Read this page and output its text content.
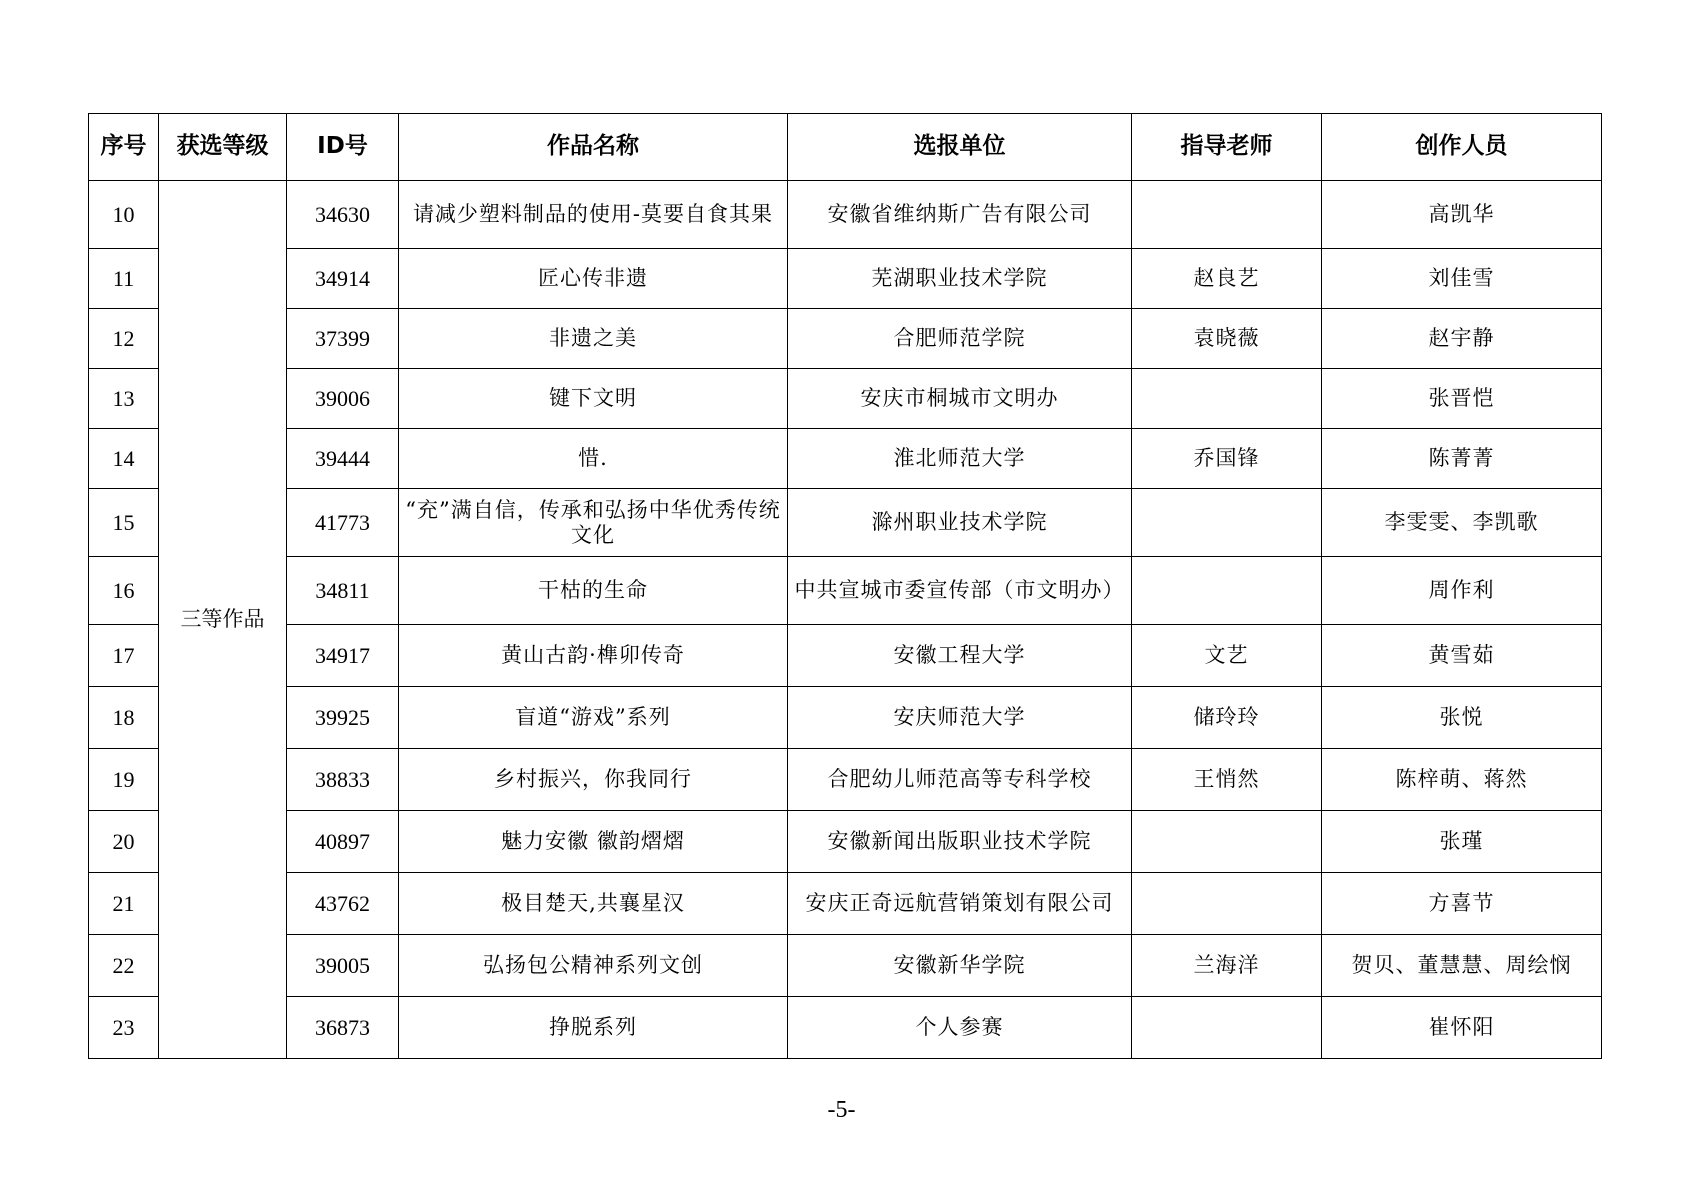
序号	获选等级	ID号	作品名称	选报单位	指导老师	创作人员
10	三等作品	34630	请减少塑料制品的使用-莫要自食其果	安徽省维纳斯广告有限公司		高凯华
11		34914	匠心传非遗	芜湖职业技术学院	赵良艺	刘佳雪
12		37399	非遗之美	合肥师范学院	袁晓薇	赵宇静
13		39006	键下文明	安庆市桐城市文明办		张晋恺
14		39444	惜.	淮北师范大学	乔国锋	陈菁菁
15		41773	“充”满自信，传承和弘扬中华优秀传统文化	滁州职业技术学院		李雯雯、李凯歌
16		34811	干枯的生命	中共宣城市委宣传部（市文明办）		周作利
17		34917	黄山古韵·榫卯传奇	安徽工程大学	文艺	黄雪茹
18		39925	盲道“游戏”系列	安庆师范大学	储玲玲	张悦
19		38833	乡村振兴，你我同行	合肥幼儿师范高等专科学校	王悄然	陈梓萌、蒋然
20		40897	魅力安徽 徽韵熠熠	安徽新闻出版职业技术学院		张瑾
21		43762	极目楚天,共襄星汉	安庆正奇远航营销策划有限公司		方喜节
22		39005	弘扬包公精神系列文创	安徽新华学院	兰海洋	贺贝、董慧慧、周绘悯
23		36873	挣脱系列	个人参赛		崔怀阳
-5-
